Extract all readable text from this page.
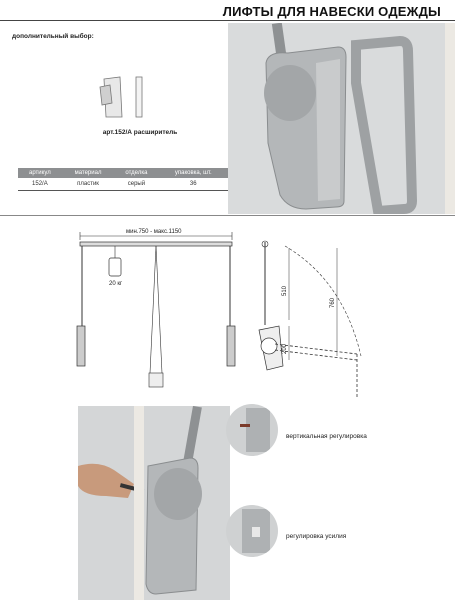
ЛИФТЫ ДЛЯ НАВЕСКИ ОДЕЖДЫ
дополнительный выбор:
арт.152/А расширитель
артикул	материал	отделка	упаковка, шт.
152/А	пластик	серый	36
мин.750 - макс.1150
20 кг
510
760
200
вертикальная регулировка
регулировка усилия
